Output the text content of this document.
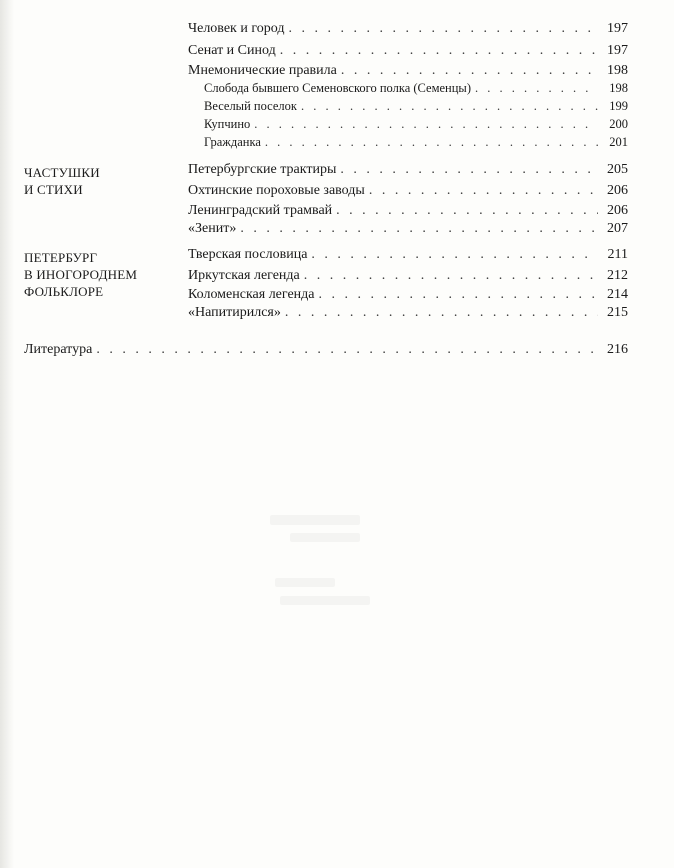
ЧАСТУШКИ
И СТИХИ
ПЕТЕРБУРГ
В ИНОГОРОДНЕМ
ФОЛЬКЛОРЕ
Человек и город . . .	197
Сенат и Синод . . .	197
Мнемонические правила . . .	198
Слобода бывшего Семеновского полка (Семенцы) . . .	198
Веселый поселок . . .	199
Купчино . . .	200
Гражданка . . .	201
Петербургские трактиры . . .	205
Охтинские пороховые заводы . . .	206
Ленинградский трамвай . . .	206
«Зенит» . . .	207
Тверская пословица . . .	211
Иркутская легенда . . .	212
Коломенская легенда . . .	214
«Напитирился» . . .	215
Литература . . .	216
